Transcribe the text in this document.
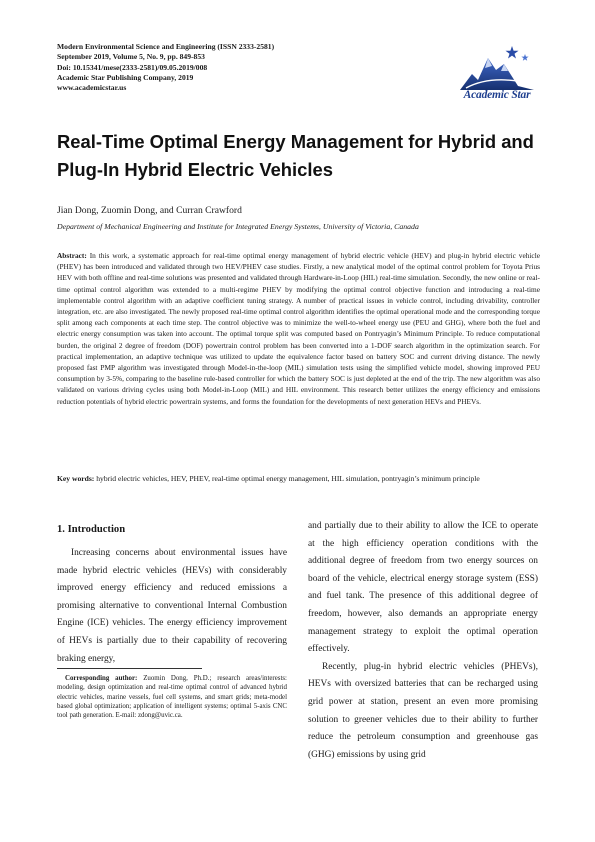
Modern Environmental Science and Engineering (ISSN 2333-2581)
September 2019, Volume 5, No. 9, pp. 849-853
Doi: 10.15341/mese(2333-2581)/09.05.2019/008
Academic Star Publishing Company, 2019
www.academicstar.us
Academic Star
Real-Time Optimal Energy Management for Hybrid and Plug-In Hybrid Electric Vehicles
Jian Dong, Zuomin Dong, and Curran Crawford
Department of Mechanical Engineering and Institute for Integrated Energy Systems, University of Victoria, Canada
Abstract: In this work, a systematic approach for real-time optimal energy management of hybrid electric vehicle (HEV) and plug-in hybrid electric vehicle (PHEV) has been introduced and validated through two HEV/PHEV case studies. Firstly, a new analytical model of the optimal control problem for Toyota Prius HEV with both offline and real-time solutions was presented and validated through Hardware-in-Loop (HIL) real-time simulation. Secondly, the new online or real-time optimal control algorithm was extended to a multi-regime PHEV by modifying the optimal control objective function and introducing a real-time implementable control algorithm with an adaptive coefficient tuning strategy. A number of practical issues in vehicle control, including drivability, controller integration, etc. are also investigated. The newly proposed real-time optimal control algorithm identifies the optimal operational mode and the corresponding torque split among each components at each time step. The control objective was to minimize the well-to-wheel energy use (PEU and GHG), where both the fuel and electric energy consumption was taken into account. The optimal torque split was computed based on Pontryagin’s Minimum Principle. To reduce computational burden, the original 2 degree of freedom (DOF) powertrain control problem has been converted into a 1-DOF search algorithm in the optimization search. For practical implementation, an adaptive technique was utilized to update the equivalence factor based on battery SOC and current driving distance. The newly proposed fast PMP algorithm was investigated through Model-in-the-loop (MIL) simulation tests using the simplified vehicle model, showing improved PEU consumption by 3-5%, comparing to the baseline rule-based controller for which the battery SOC is just depleted at the end of the trip. The new algorithm was also validated on various driving cycles using both Model-in-Loop (MIL) and HIL environment. This research better utilizes the energy efficiency and emissions reduction potentials of hybrid electric powertrain systems, and forms the foundation for the developments of next generation HEVs and PHEVs.
Key words: hybrid electric vehicles, HEV, PHEV, real-time optimal energy management, HIL simulation, pontryagin’s minimum principle
1. Introduction

Increasing concerns about environmental issues have made hybrid electric vehicles (HEVs) with considerably improved energy efficiency and reduced emissions a promising alternative to conventional Internal Combustion Engine (ICE) vehicles. The energy efficiency improvement of HEVs is partially due to their capability of recovering braking energy,

and partially due to their ability to allow the ICE to operate at the high efficiency operation conditions with the additional degree of freedom from two energy sources on board of the vehicle, electrical energy storage system (ESS) and fuel tank. The presence of this additional degree of freedom, however, also demands an appropriate energy management strategy to exploit the optimal operation effectively.

Recently, plug-in hybrid electric vehicles (PHEVs), HEVs with oversized batteries that can be recharged using grid power at station, present an even more promising solution to greener vehicles due to their ability to further reduce the petroleum consumption and greenhouse gas (GHG) emissions by using grid

Corresponding author: Zuomin Dong, Ph.D.; research areas/interests: modeling, design optimization and real-time optimal control of advanced hybrid electric vehicles, marine vessels, fuel cell systems, and smart grids; meta-model based global optimization; application of intelligent systems; optimal 5-axis CNC tool path generation. E-mail: zdong@uvic.ca.
